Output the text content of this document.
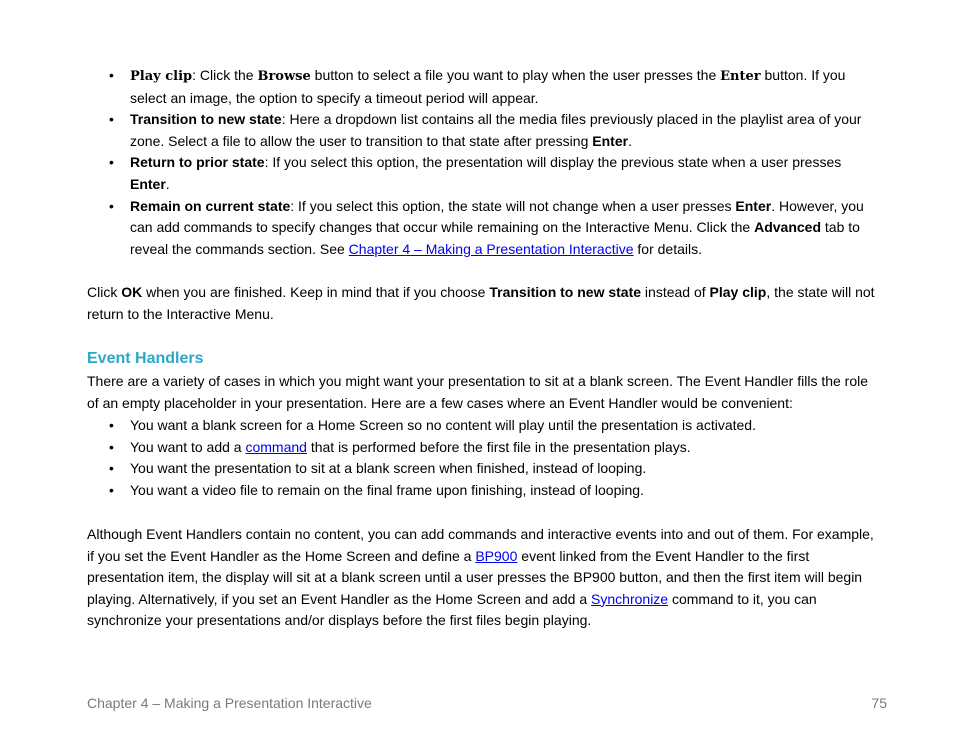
• Play clip: Click the Browse button to select a file you want to play when the user presses the Enter button. If you select an image, the option to specify a timeout period will appear.
• Transition to new state: Here a dropdown list contains all the media files previously placed in the playlist area of your zone. Select a file to allow the user to transition to that state after pressing Enter.
• Return to prior state: If you select this option, the presentation will display the previous state when a user presses Enter.
• Remain on current state: If you select this option, the state will not change when a user presses Enter. However, you can add commands to specify changes that occur while remaining on the Interactive Menu. Click the Advanced tab to reveal the commands section. See Chapter 4 – Making a Presentation Interactive for details.

Click OK when you are finished. Keep in mind that if you choose Transition to new state instead of Play clip, the state will not return to the Interactive Menu.

Event Handlers

There are a variety of cases in which you might want your presentation to sit at a blank screen. The Event Handler fills the role of an empty placeholder in your presentation. Here are a few cases where an Event Handler would be convenient:

• You want a blank screen for a Home Screen so no content will play until the presentation is activated.
• You want to add a command that is performed before the first file in the presentation plays.
• You want the presentation to sit at a blank screen when finished, instead of looping.
• You want a video file to remain on the final frame upon finishing, instead of looping.

Although Event Handlers contain no content, you can add commands and interactive events into and out of them. For example, if you set the Event Handler as the Home Screen and define a BP900 event linked from the Event Handler to the first presentation item, the display will sit at a blank screen until a user presses the BP900 button, and then the first item will begin playing. Alternatively, if you set an Event Handler as the Home Screen and add a Synchronize command to it, you can synchronize your presentations and/or displays before the first files begin playing.

Chapter 4 – Making a Presentation Interactive	75
